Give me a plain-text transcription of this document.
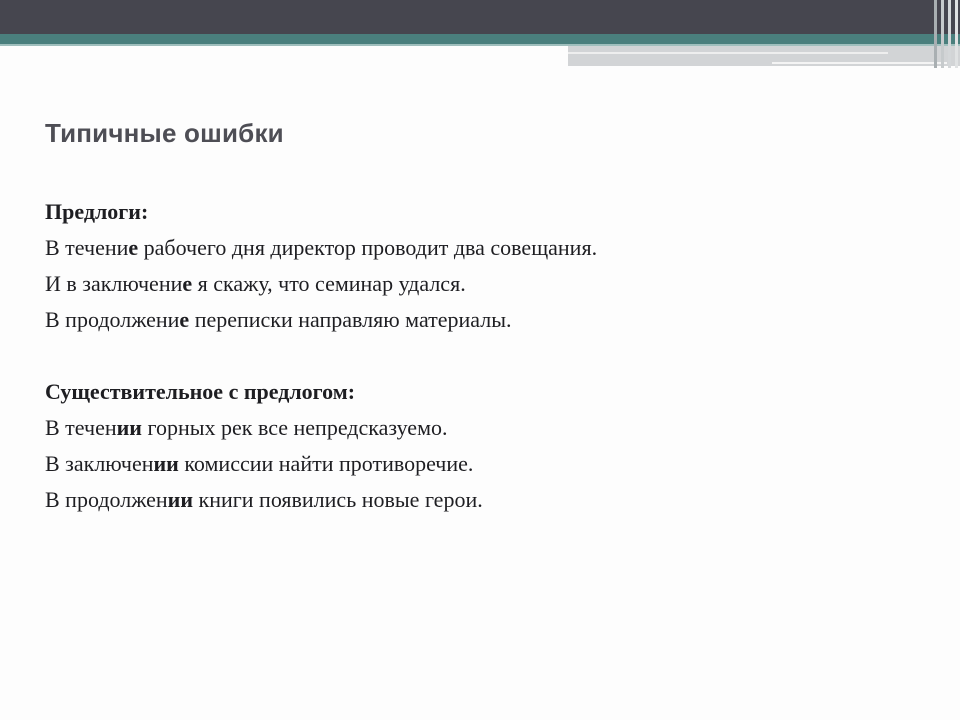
Типичные ошибки
Предлоги:
В течение рабочего дня директор проводит два совещания.
И в заключение я скажу, что семинар удался.
В продолжение переписки направляю материалы.
Существительное с предлогом:
В течении горных рек все непредсказуемо.
В заключении комиссии найти противоречие.
В продолжении книги появились новые герои.
